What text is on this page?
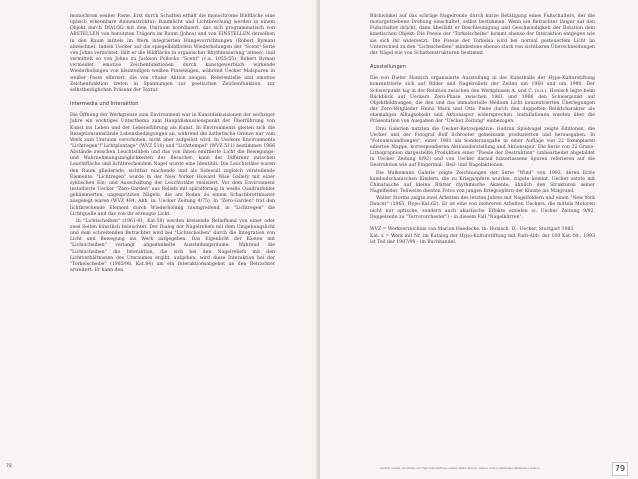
monochrom weißer Paste. Erst durch Schatten erhält die monochrome Bildfläche eine optisch erkennbare Binnenstruktur: Raumlicht und Lichtbrechung werden in einem Objekt durch DIALOG mit dem Umraum koordiniert, das sich programmatisch von ABSTELLEN von benutzten Trägern im Raum (Johns) und von EINSTELLEN derselben in den Raum mittels im Werk integrierten Hängevorrichtungen (Robert Ryman) abzeichnet. Indem Uecker auf die spiegelbildlichen Wiederholungen der "Scent"-Serie von Johns verzichtet, fällt er die Bildfläche in organischer Rhythmisierung 'atmen', und vermittelt so von Johns zu Jackson Pollocks "Scent" (c.a. 1955-55). Robert Ryman vermeidet emotive Zeichenfunktionen durch kunstgewerblich wirkende Wiederholungen von kleinteiligen weißen Pinselzügen, während Uecker Malspuren in weißer Paste offeriert, die von vitaler Aktion zeugen. Referentielle und emotive Zeichenfunktion treten in Spannungen zur poetischen Zeichenfunktion, zur selbstbezüglichen Präsenz der Textur.

Intermedia und Interaktion

Die Öffnung der Werkgrenze zum Environment war in Kunstdiskussionen der sechziger Jahre ein wichtiges Unterthema zum Hauptdiskussionspunkt der Überführung von Kunst ins Leben und der Lebensführung als Kunst. In Environments gleiten sich die Rezeptionsumstände Lebensbedingungen an, während die ästhetische Grenze nur vom Werk zum Umraum verschoben, nicht aber aufgelöst wird. In Ueckers Environments "Lichtregen"/"Lichtplantage" (WVZ 510) und "Lichttempel" (WVZ 511) bestimmen 1966 Abstände zwischen Leuchtstäben und das von ihnen emittierte Licht die Bewegungs- und Wahrnehmungsmöglichkeiten der Besucher: kann der Differenz zwischen Leuchtfläche und lichtbrechendem Nagel wurde eine Identität: Die Leuchtstäbe waren den Raum gliedernde, sichtbar machende und als Sidewall zugleich verstellende Elemente. "Lichtregen" wurde in der New Yorker Howard Wise Gallery mit einer zyklischen Ein- und Ausschaltung der Leuchtstäbe realisiert. Vor dem Environment installierte Uecker "Zero-Garden" aus Reliefs mit spiralförmig in weiße Quadratfelder gehämmerten, ungespritzten Nägeln, die am Boden zu einem Schachbrettmuster ausgelegt waren (WVZ 484, Abb. in: Uecker Zeitung 4/75). In "Zero-Garden" trat den lichtbrechende Element durch Wiederholung raumgreifend, in "Lichtregen" die Lichtquelle und das von ihr erzeugte Licht.

In "Lichtscheiben" (1961-81, Kat.58) werden kreisende Reliefhand von einer oder zwei Seiten künstlich beleuchtet. Der Dialog der Nagelreliefs mit dem Umgebungslicht und dem schreitenden Betrachter wird bei "Lichtscheiben" durch die Integration von Licht und Bewegung ins Werk aufgegeben. Das Eigenlicht der Kästen mit "Lichtscheiben" verlangt abgedunkelte Ausstellungsräume. Während die "Lichtscheiben" die Interaktion, die sich bei den Nagelreliefs mit den Lichtverhältnissen des Umraumes ergibt, aufgeben, wird diese Interaktion bei der "Torkelscheibe" (1965/98, Kat.84) um ein Interaktionsangebot an den Betrachter erweitert: Er kann den

78

Blickwinkel auf das schräge Nagelrondo durch kurze Betätigung eines Fußschalters, der die motorgetriebene Drehung einschaltet, selbst bestimmen. Wenn ein Betrachter länger auf den Fußschalter drückt, dann überläßt er Beschleunigung und Geschwindigkeit der Rotation dem kinetischen Objekt: Die Poesie der "Torkelscheibe" kommt ebenso der Interaktion entgegen wie sie sich ihr widersetzt. Die Poesie der Torkelsa wird bei normal gesteuertem Licht im Unterschied zu den "Lichtscheiben" mindestens ebenso stark von sichtbaren Überschneidungen der Nägel wie von Schattenstrukturen bestimmt.

Ausstellungen

Die von Dieter Honisch organisierte Ausstellung in der Kunsthalle der Hypo-Kulturstiftung konzentrierte sich auf Bilder und Nagelreliefs der Zeiten um 1960 und um 1990. Der Schwerpunkt lag in der Relation zwischen den Werkphasen A. und C. (s.o.). Honisch legte beim Rückblick auf Ueckers Zero-Phase zwischen 1961 und 1966 den Schwerpunkt auf Objektbildnungen, die den und das immaterielle Medium Licht konzentrierten Überlegungen der Zero-Mitglieder Heinz Mack und Otto Piene durch den doppelten Reliktcharakter als ehemaliges Alltagsobjekt und Aktionsspur widersprechen. Installationen wurden über die Präsentation von Ausgaben der "Uecker Zeitung" einbezogen.

Drei Galerien nutzten die Uecker-Retrospektive: Gudrun Spielvogel zeigte Editionen, die Uecker und der Fotograf Rolf Schroeter gemeinsam produzierten und herausgaben. In "Fotoumwandlungen", einer 1981 als Sonderausgabe in einer Auflage von 22 Exemplaren edierten Mappe, korrespondieren Aktionsdarstellung und Aktionsspur. Die Serie von 22 Grano-Lithographien dargestellte Produktion einer "Poesie der Destruktion" (unbearbeitet abgebildet in Uecker Zeitung 8/92) und von Uecker darauf hinterlassene Spuren referieren auf die Destruktion wie auf Fingermal-, Beil- und Nagelaktionen.

Die Walkemann Galerie zeigte Zeichnungen der Serie "Wind" von 1993, deren Erlös kambodschanischen Kindern, die zu Kriegsopfern wurden, zugute kommt. Uecker setzte mit Chinatusche auf kleine Blätter rhythmische Akzente, ähnlich den Strukturen seiner Nagelfelder. Teilweise dienten Fotos von jungen Kriegsopfern der Künste als Malgrund.

Walter Storms zeigte zwei Arbeiten des letzten Jahres mit Nagelfeldern und einen "New York Dancer" (1965, Hypo-Kat.62). Er ist eine von mehreren Arbeiten Ueckers, die mittels Motoren nicht nur optische, sondern auch akustische Effekte erzielen (s. Uecker Zeitung 9/92, Doppelseite zu "Terrororchester") - in diesem Fall "Nagelklirren".

WVZ = Werkverzeichnis von Marion Haedecke, in: Honisch, D.: Uecker, Stuttgart 1983.

Kat. x = Werk mit Nr. im Katalog der Hypo-Kulturstiftung mit Farb-Abb. der 100 Kat.-Nr., 1993 ist Teil der 1987/90 - im Buchhandel.

Günther Uecker, Kunsthalle der Hypo-Kulturstiftung, Galerie Walter Storms, Galerie Gudrun Spielvogel, Walkemann Galerie	79
